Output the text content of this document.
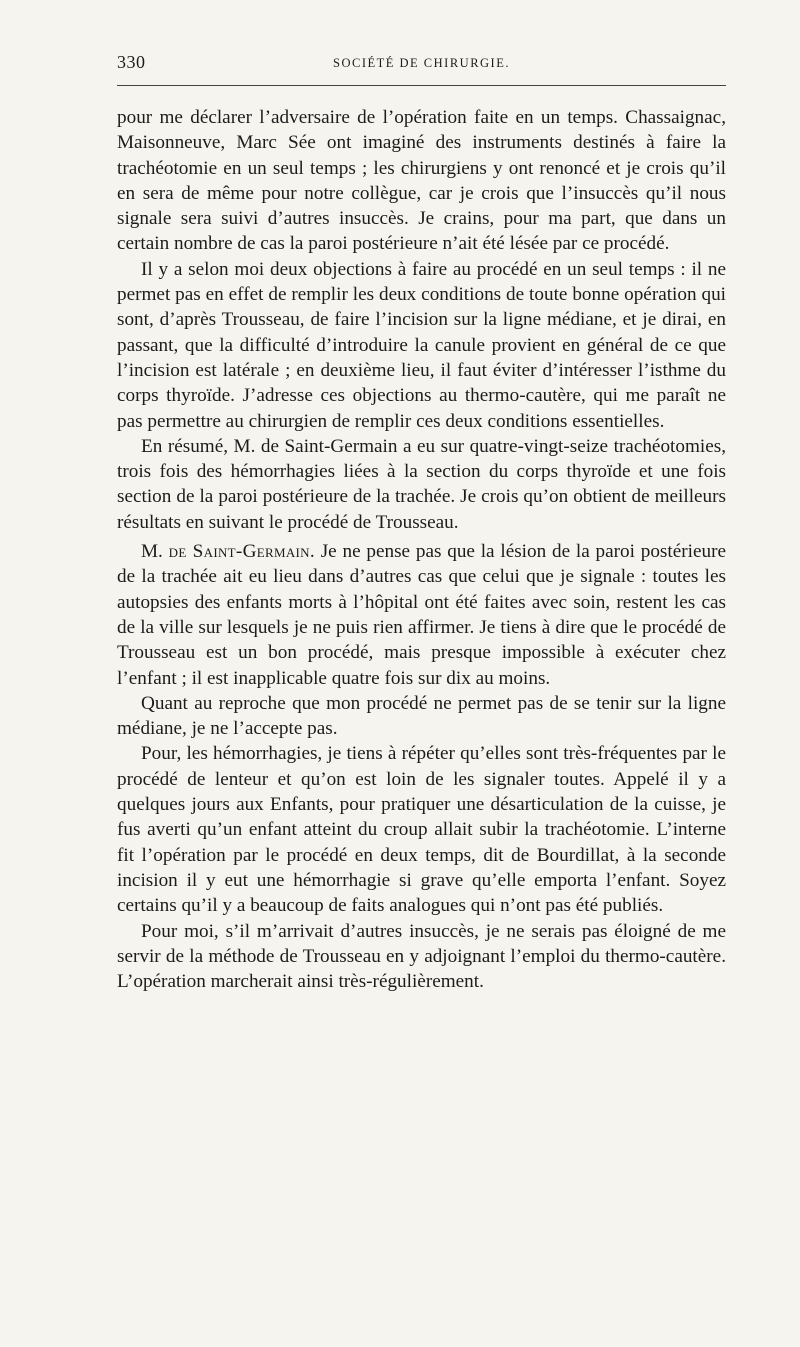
330	SOCIÉTÉ DE CHIRURGIE.

pour me déclarer l’adversaire de l’opération faite en un temps. Chassaignac, Maisonneuve, Marc Sée ont imaginé des instruments destinés à faire la trachéotomie en un seul temps ; les chirurgiens y ont renoncé et je crois qu’il en sera de même pour notre collègue, car je crois que l’insuccès qu’il nous signale sera suivi d’autres insuccès. Je crains, pour ma part, que dans un certain nombre de cas la paroi postérieure n’ait été lésée par ce procédé.

Il y a selon moi deux objections à faire au procédé en un seul temps : il ne permet pas en effet de remplir les deux conditions de toute bonne opération qui sont, d’après Trousseau, de faire l’incision sur la ligne médiane, et je dirai, en passant, que la difficulté d’introduire la canule provient en général de ce que l’incision est latérale ; en deuxième lieu, il faut éviter d’intéresser l’isthme du corps thyroïde. J’adresse ces objections au thermo-cautère, qui me paraît ne pas permettre au chirurgien de remplir ces deux conditions essentielles.

En résumé, M. de Saint-Germain a eu sur quatre-vingt-seize trachéotomies, trois fois des hémorrhagies liées à la section du corps thyroïde et une fois section de la paroi postérieure de la trachée. Je crois qu’on obtient de meilleurs résultats en suivant le procédé de Trousseau.

M. de Saint-Germain. Je ne pense pas que la lésion de la paroi postérieure de la trachée ait eu lieu dans d’autres cas que celui que je signale : toutes les autopsies des enfants morts à l’hôpital ont été faites avec soin, restent les cas de la ville sur lesquels je ne puis rien affirmer. Je tiens à dire que le procédé de Trousseau est un bon procédé, mais presque impossible à exécuter chez l’enfant ; il est inapplicable quatre fois sur dix au moins.

Quant au reproche que mon procédé ne permet pas de se tenir sur la ligne médiane, je ne l’accepte pas.

Pour, les hémorrhagies, je tiens à répéter qu’elles sont très-fréquentes par le procédé de lenteur et qu’on est loin de les signaler toutes. Appelé il y a quelques jours aux Enfants, pour pratiquer une désarticulation de la cuisse, je fus averti qu’un enfant atteint du croup allait subir la trachéotomie. L’interne fit l’opération par le procédé en deux temps, dit de Bourdillat, à la seconde incision il y eut une hémorrhagie si grave qu’elle emporta l’enfant. Soyez certains qu’il y a beaucoup de faits analogues qui n’ont pas été publiés.

Pour moi, s’il m’arrivait d’autres insuccès, je ne serais pas éloigné de me servir de la méthode de Trousseau en y adjoignant l’emploi du thermo-cautère. L’opération marcherait ainsi très-régulièrement.
